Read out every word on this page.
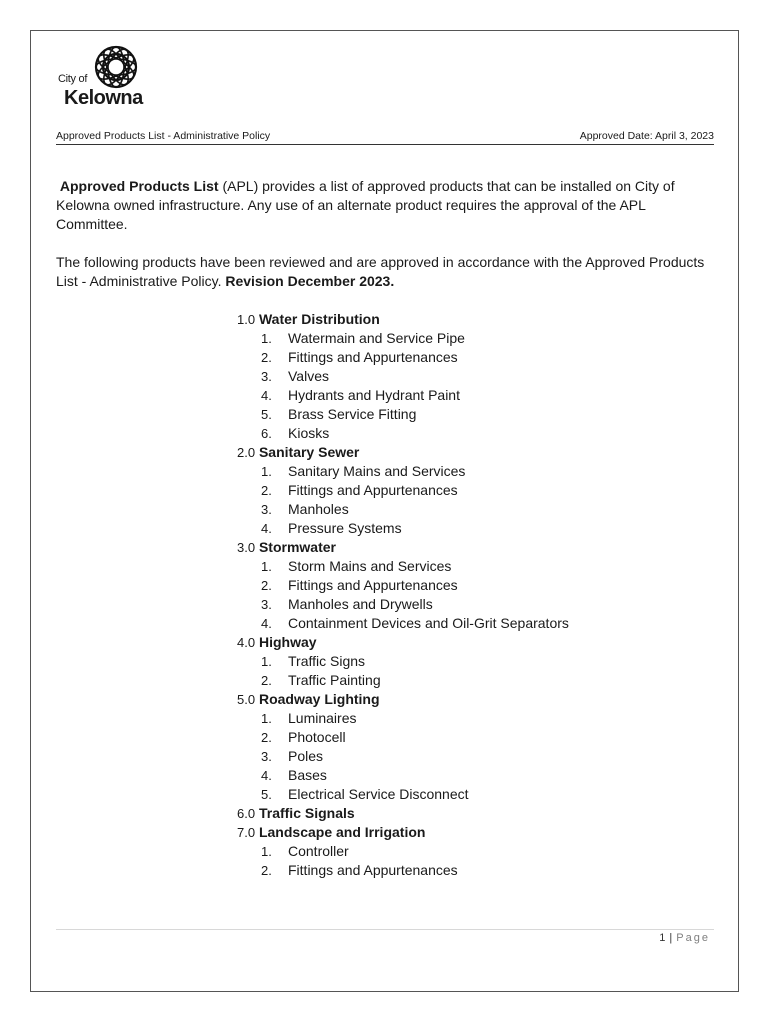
City of
Kelowna
Approved Products List - Administrative Policy	Approved Date: April 3, 2023
Approved Products List (APL) provides a list of approved products that can be installed on City of Kelowna owned infrastructure. Any use of an alternate product requires the approval of the APL Committee.
The following products have been reviewed and are approved in accordance with the Approved Products List - Administrative Policy. Revision December 2023.
1.0 Water Distribution
1. Watermain and Service Pipe
2. Fittings and Appurtenances
3. Valves
4. Hydrants and Hydrant Paint
5. Brass Service Fitting
6. Kiosks
2.0 Sanitary Sewer
1. Sanitary Mains and Services
2. Fittings and Appurtenances
3. Manholes
4. Pressure Systems
3.0 Stormwater
1. Storm Mains and Services
2. Fittings and Appurtenances
3. Manholes and Drywells
4. Containment Devices and Oil-Grit Separators
4.0 Highway
1. Traffic Signs
2. Traffic Painting
5.0 Roadway Lighting
1. Luminaires
2. Photocell
3. Poles
4. Bases
5. Electrical Service Disconnect
6.0 Traffic Signals
7.0 Landscape and Irrigation
1. Controller
2. Fittings and Appurtenances
1 | Page
